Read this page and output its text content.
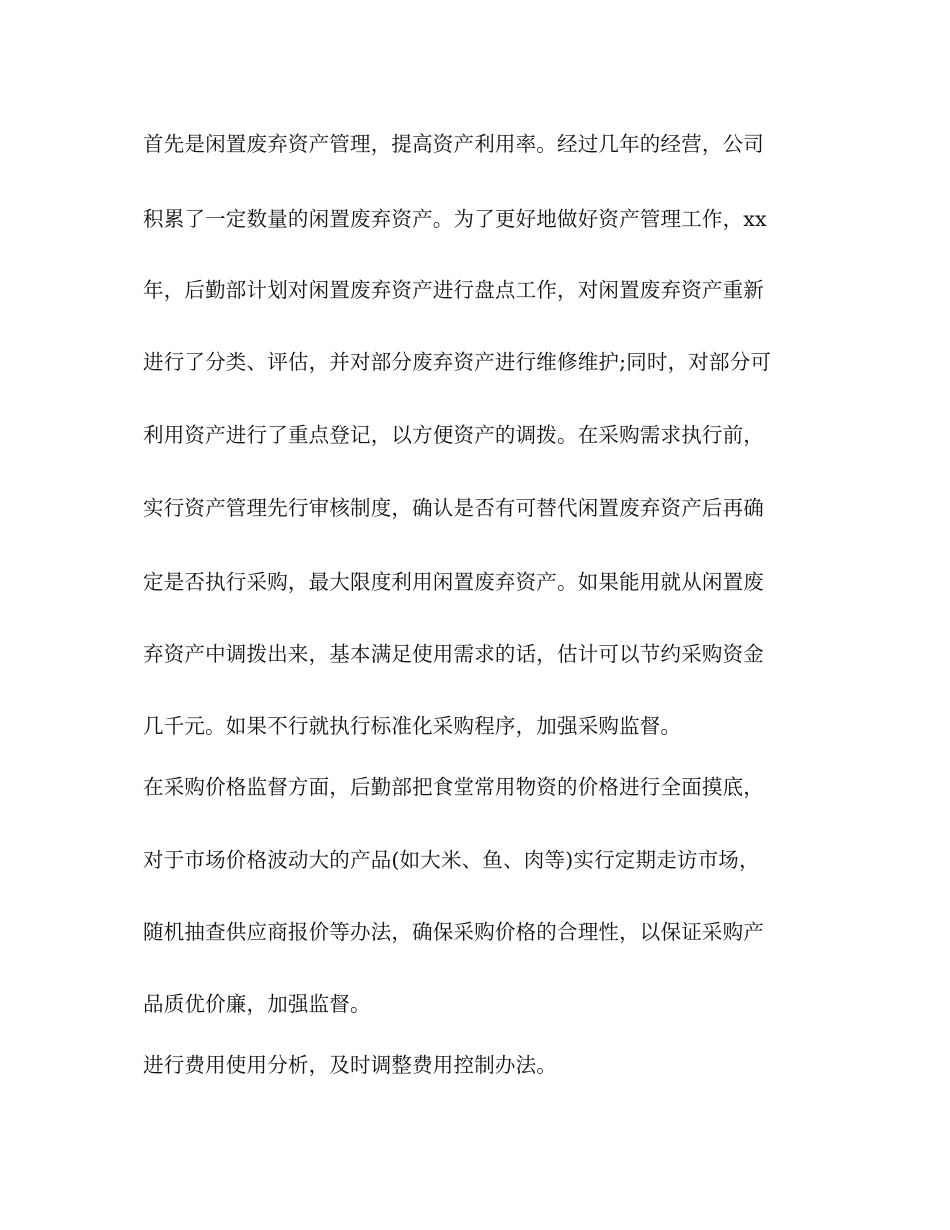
首先是闲置废弃资产管理，提高资产利用率。经过几年的经营，公司
积累了一定数量的闲置废弃资产。为了更好地做好资产管理工作，xx
年，后勤部计划对闲置废弃资产进行盘点工作，对闲置废弃资产重新
进行了分类、评估，并对部分废弃资产进行维修维护;同时，对部分可
利用资产进行了重点登记，以方便资产的调拨。在采购需求执行前，
实行资产管理先行审核制度，确认是否有可替代闲置废弃资产后再确
定是否执行采购，最大限度利用闲置废弃资产。如果能用就从闲置废
弃资产中调拨出来，基本满足使用需求的话，估计可以节约采购资金
几千元。如果不行就执行标准化采购程序，加强采购监督。
在采购价格监督方面，后勤部把食堂常用物资的价格进行全面摸底，
对于市场价格波动大的产品(如大米、鱼、肉等)实行定期走访市场，
随机抽查供应商报价等办法，确保采购价格的合理性，以保证采购产
品质优价廉，加强监督。
进行费用使用分析，及时调整费用控制办法。
